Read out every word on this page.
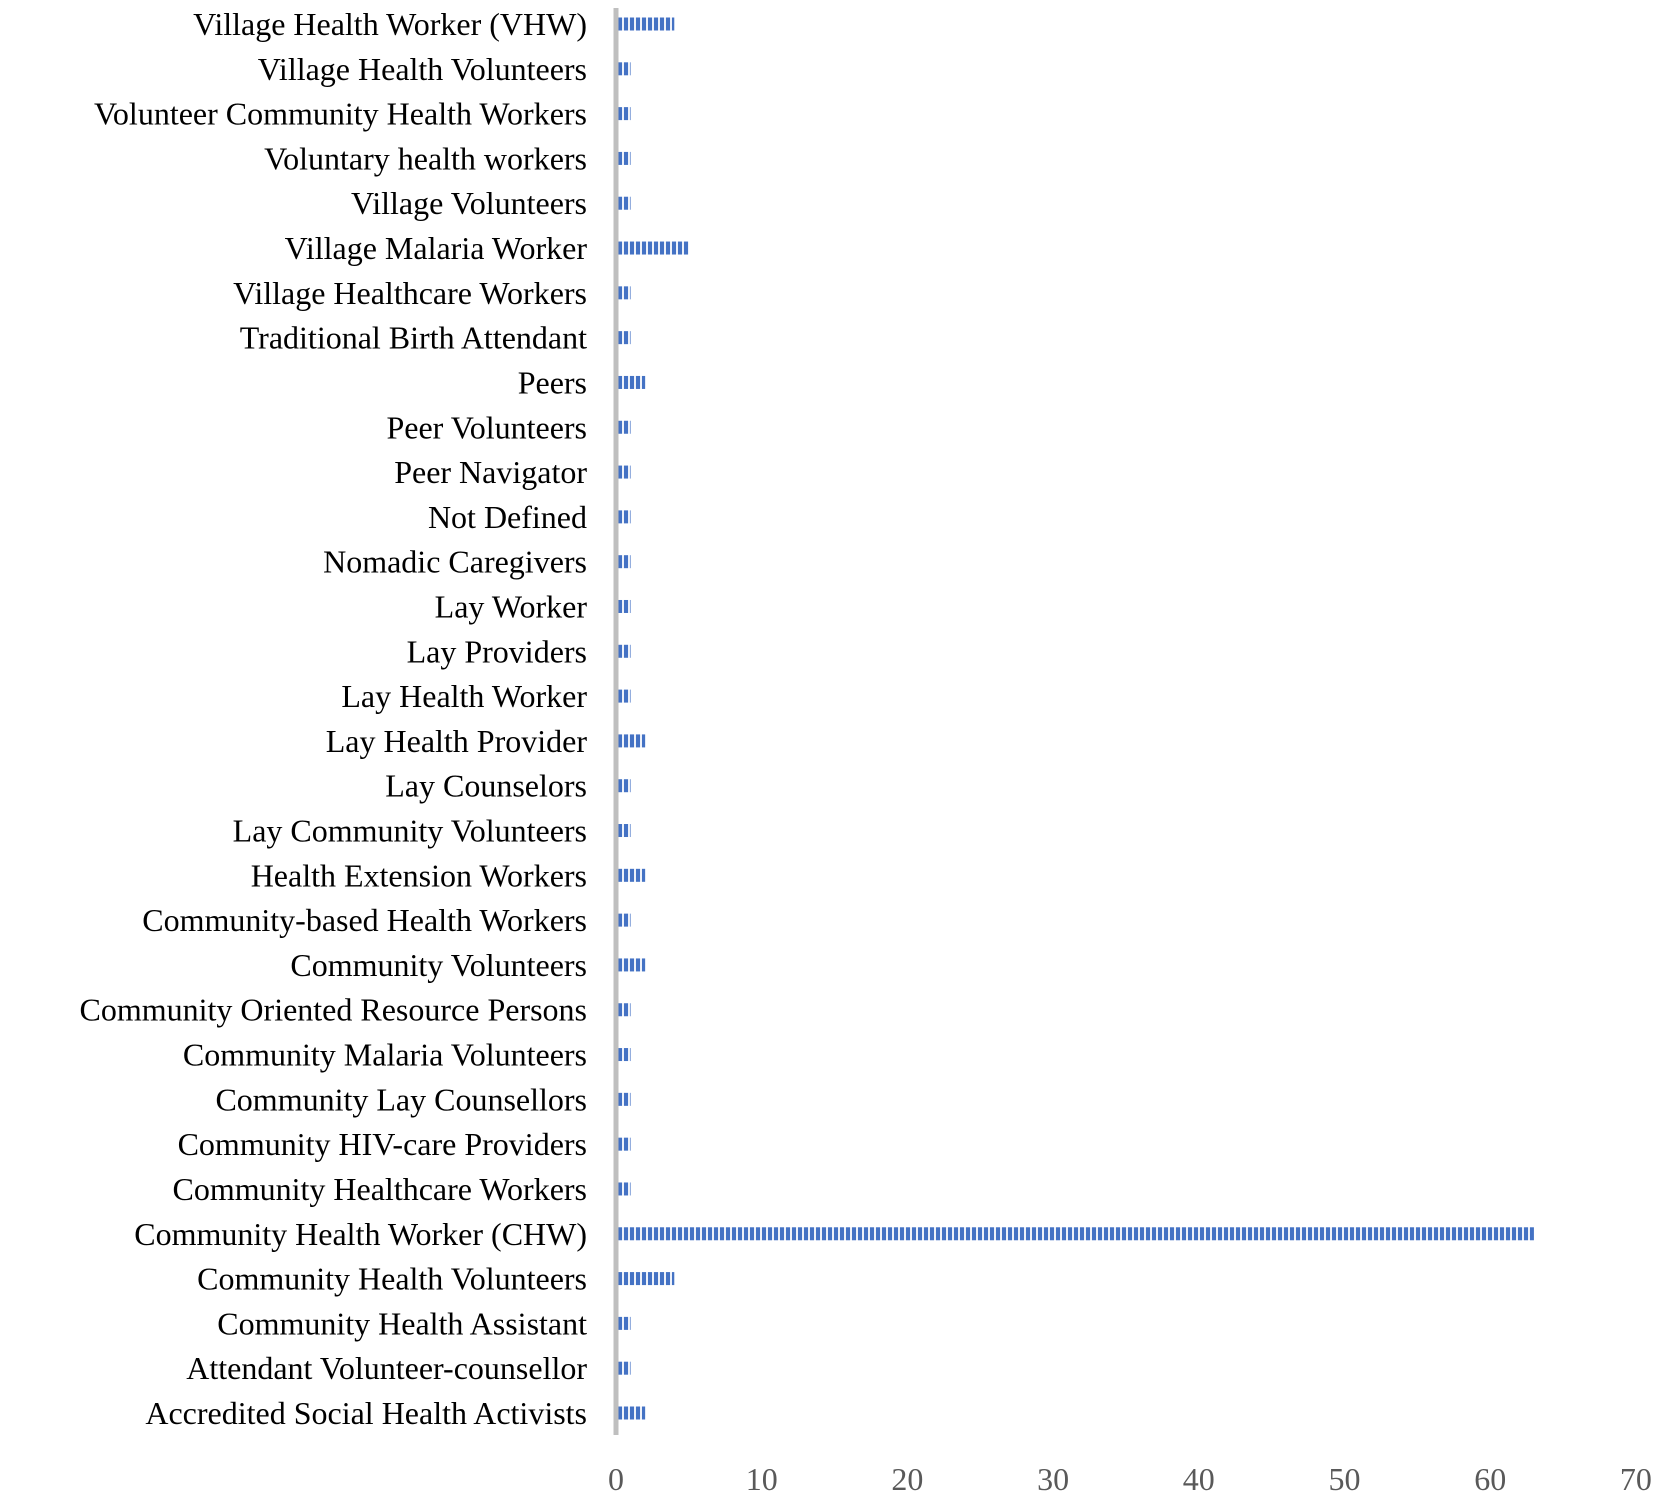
Accredited Social Health Activists
Attendant Volunteer-counsellor
Community Health Assistant
Community Health Volunteers
Community Health Worker (CHW)
Community Healthcare Workers
Community HIV-care Providers
Community Lay Counsellors
Community Malaria Volunteers
Community Oriented Resource Persons
Community Volunteers
Community-based Health Workers
Health Extension Workers
Lay Community Volunteers
Lay Counselors
Lay Health Provider
Lay Health Worker
Lay Providers
Lay Worker
Nomadic Caregivers
Not Defined
Peer Navigator
Peer Volunteers
Peers
Traditional Birth Attendant
Village Healthcare Workers
Village Malaria Worker
Village Volunteers
Voluntary health workers
Volunteer Community Health Workers
Village Health Volunteers
Village Health Worker (VHW)
0	10	20	30	40	50	60	70
